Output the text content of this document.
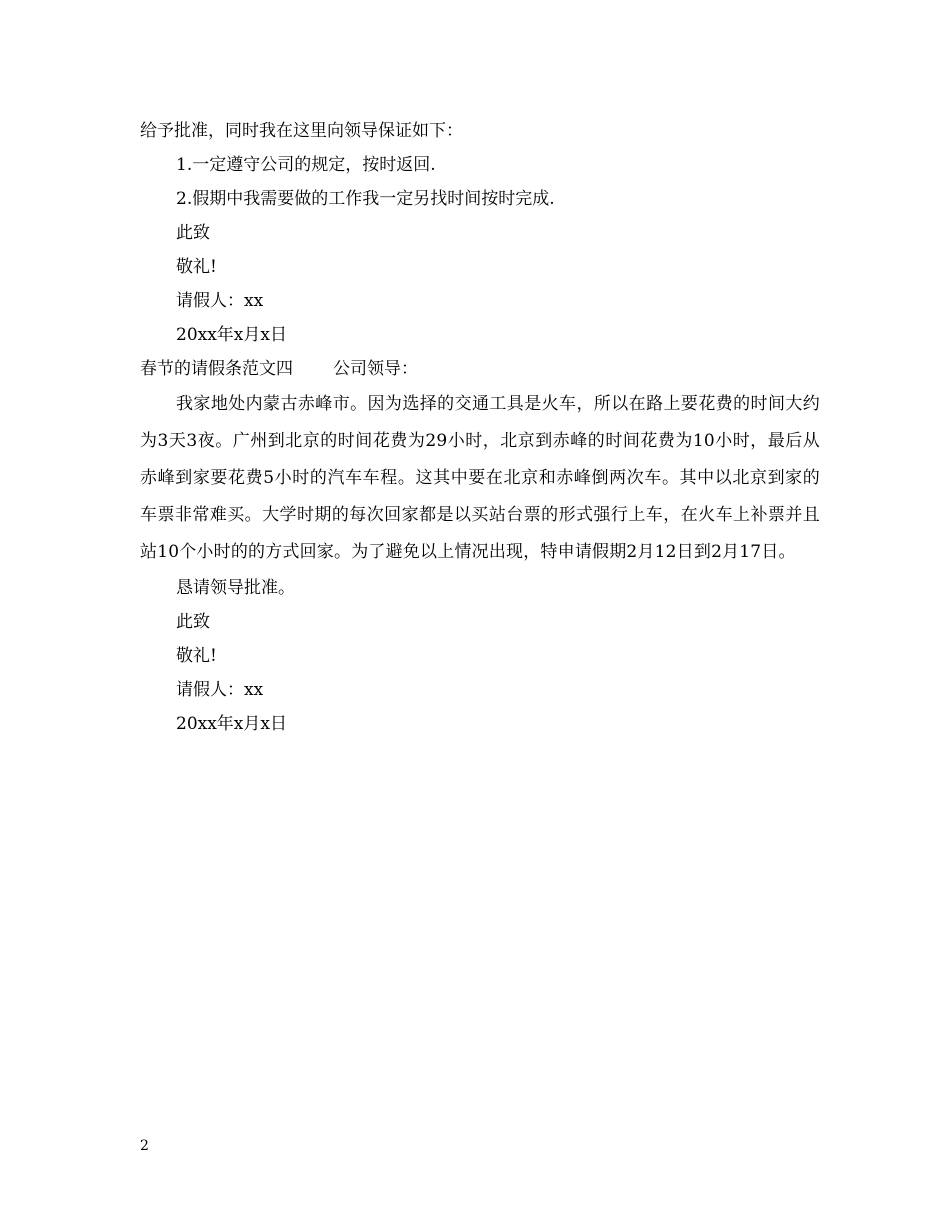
给予批准，同时我在这里向领导保证如下：

1.一定遵守公司的规定，按时返回.

2.假期中我需要做的工作我一定另找时间按时完成.

此致

敬礼!

请假人：xx

20xx年x月x日

春节的请假条范文四 公司领导：

我家地处内蒙古赤峰市。因为选择的交通工具是火车，所以在路上要花费的时间大约为3天3夜。广州到北京的时间花费为29小时，北京到赤峰的时间花费为10小时，最后从赤峰到家要花费5小时的汽车车程。这其中要在北京和赤峰倒两次车。其中以北京到家的车票非常难买。大学时期的每次回家都是以买站台票的形式强行上车，在火车上补票并且站10个小时的的方式回家。为了避免以上情况出现，特申请假期2月12日到2月17日。

恳请领导批准。

此致

敬礼!

请假人：xx

20xx年x月x日

2
